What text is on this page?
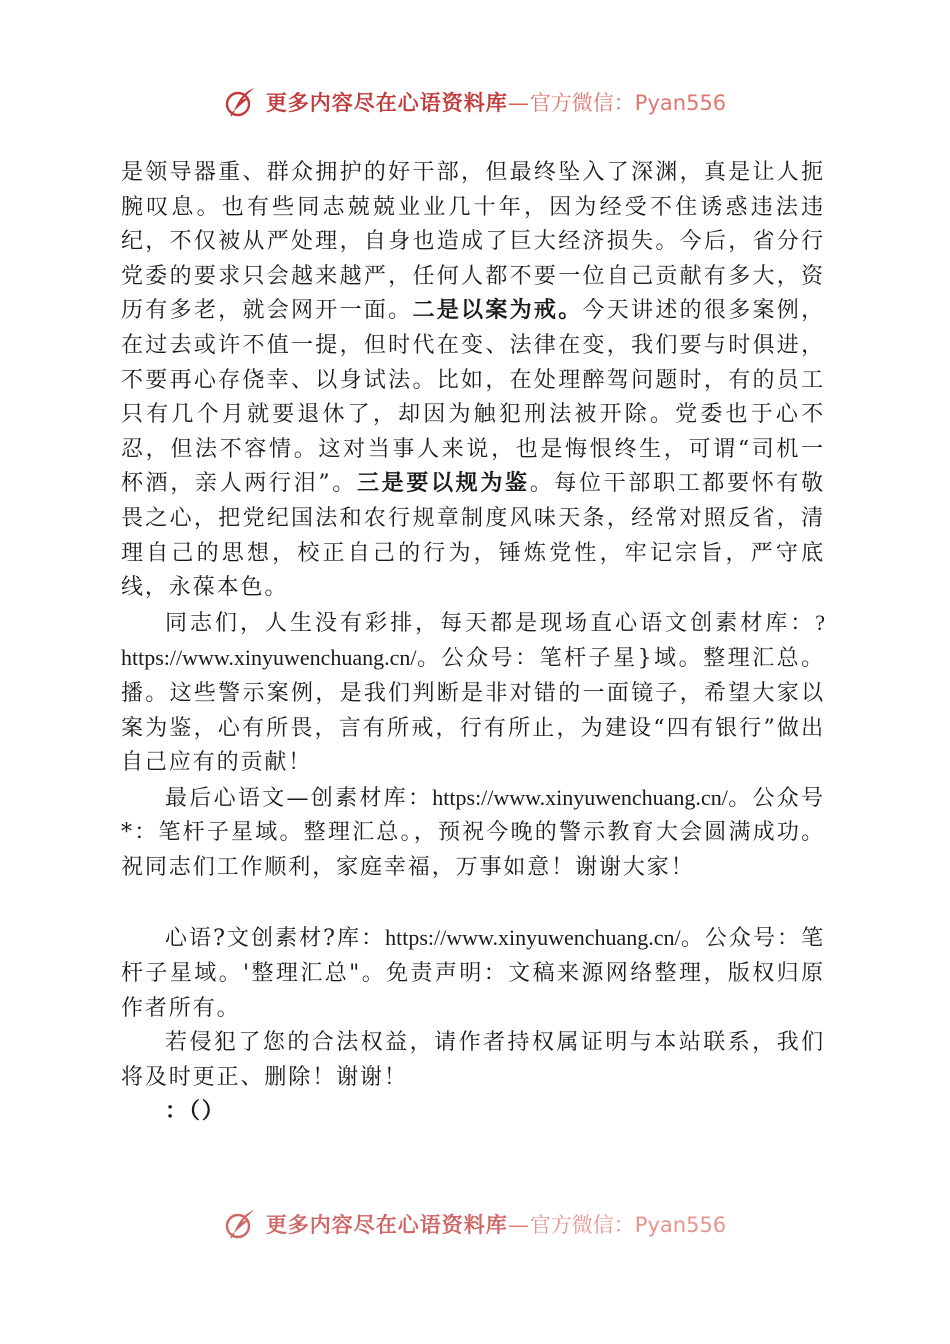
更多内容尽在心语资料库—官方微信：Pyan556

是领导器重、群众拥护的好干部，但最终坠入了深渊，真是让人扼腕叹息。也有些同志兢兢业业几十年，因为经受不住诱惑违法违纪，不仅被从严处理，自身也造成了巨大经济损失。今后，省分行党委的要求只会越来越严，任何人都不要一位自己贡献有多大，资历有多老，就会网开一面。二是以案为戒。今天讲述的很多案例，在过去或许不值一提，但时代在变、法律在变，我们要与时俱进，不要再心存侥幸、以身试法。比如，在处理醉驾问题时，有的员工只有几个月就要退休了，却因为触犯刑法被开除。党委也于心不忍，但法不容情。这对当事人来说，也是悔恨终生，可谓“司机一杯酒，亲人两行泪”。三是要以规为鉴。每位干部职工都要怀有敬畏之心，把党纪国法和农行规章制度风味天条，经常对照反省，清理自己的思想，校正自己的行为，锤炼党性，牢记宗旨，严守底线，永葆本色。

同志们，人生没有彩排，每天都是现场直心语文创素材库：?https://www.xinyuwenchuang.cn/。公众号：笔杆子星}域。整理汇总。播。这些警示案例，是我们判断是非对错的一面镜子，希望大家以案为鉴，心有所畏，言有所戒，行有所止，为建设“四有银行”做出自己应有的贡献！

最后心语文—创素材库：https://www.xinyuwenchuang.cn/。公众号*：笔杆子星域。整理汇总。，预祝今晚的警示教育大会圆满成功。祝同志们工作顺利，家庭幸福，万事如意！谢谢大家！

心语?文创素材?库：https://www.xinyuwenchuang.cn/。公众号：笔杆子星域。'整理汇总"。免责声明：文稿来源网络整理，版权归原作者所有。

若侵犯了您的合法权益，请作者持权属证明与本站联系，我们将及时更正、删除！谢谢！

：（）

更多内容尽在心语资料库—官方微信：Pyan556
